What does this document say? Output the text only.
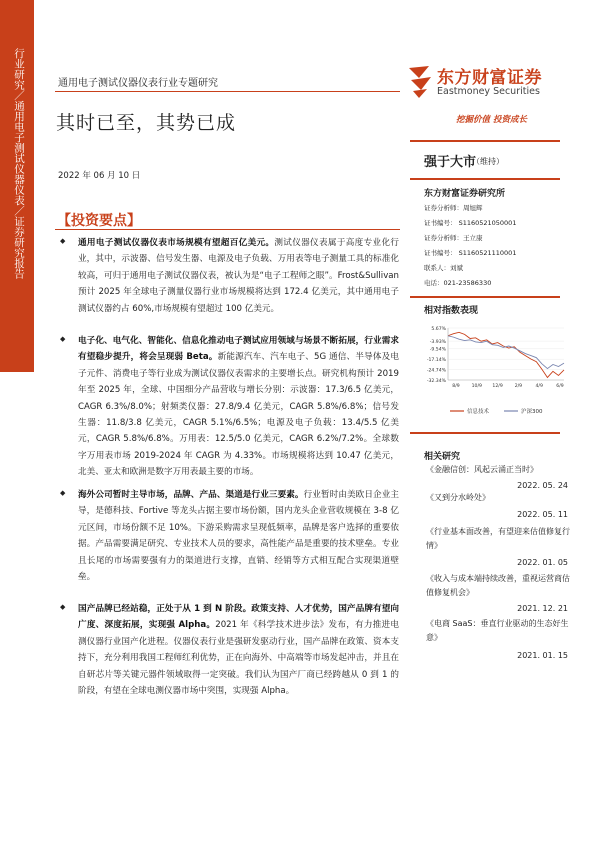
行业研究／通用电子测试仪器仪表／证券研究报告	通用电子测试仪器仪表行业专题研究
其时已至，其势已成
2022 年 06 月 10 日
东方财富证券
Eastmoney Securities
挖掘价值 投资成长
强于大市
（维持）
东方财富证券研究所
证券分析师：周旭辉
证书编号： S1160521050001
证券分析师：王立康
证书编号： S1160521110001
联系人：刘斌
电话：021-23586330
相对指数表现
5.67%
-3.93%
-9.54%
-17.14%
-24.74%
-32.34%
8/9	10/9 12/9	2/9	4/9	6/9
信息技术	沪深300
相关研究
《金融信创：风起云涌正当时》
2022. 05. 24
《又到分水岭处》
2022. 05. 11
《行业基本面改善，有望迎来估值修复行情》
2022. 01. 05
《收入与成本端持续改善，重视运营商估值修复机会》
2021. 12. 21
《电商 SaaS：垂直行业驱动的生态好生意》
2021. 01. 15
【投资要点】
◆ 通用电子测试仪器仪表市场规模有望超百亿美元。测试仪器仪表属于高度专业化行业，其中，示波器、信号发生器、电源及电子负载、万用表等电子测量工具的标准化较高，可归于通用电子测试仪器仪表，被认为是“电子工程师之眼”。Frost&Sullivan 预计 2025 年全球电子测量仪器行业市场规模将达到 172.4 亿美元，其中通用电子测试仪器约占 60%,市场规模有望超过 100 亿美元。

◆ 电子化、电气化、智能化、信息化推动电子测试应用领域与场景不断拓展，行业需求有望稳步提升，将会呈现弱 Beta。新能源汽车、汽车电子、5G 通信、半导体及电子元件、消费电子等行业成为测试仪器仪表需求的主要增长点。研究机构预计 2019 年至 2025 年，全球、中国细分产品营收与增长分别：示波器：17.3/6.5 亿美元，CAGR 6.3%/8.0%；射频类仪器：27.8/9.4 亿美元，CAGR 5.8%/6.8%；信号发生器：11.8/3.8 亿美元，CAGR 5.1%/6.5%；电源及电子负载：13.4/5.5 亿美元，CAGR 5.8%/6.8%。万用表：12.5/5.0 亿美元，CAGR 6.2%/7.2%。全球数字万用表市场 2019-2024 年 CAGR 为 4.33%。市场规模将达到 10.47 亿美元，北美、亚太和欧洲是数字万用表最主要的市场。

◆ 海外公司暂时主导市场，品牌、产品、渠道是行业三要素。行业暂时由美欧日企业主导，是德科技、Fortive 等龙头占据主要市场份额，国内龙头企业营收规模在 3-8 亿元区间，市场份额不足 10%。下游采购需求呈现低频率，品牌是客户选择的重要依据。产品需要满足研究、专业技术人员的要求，高性能产品是重要的技术壁垒。专业且长尾的市场需要强有力的渠道进行支撑，直销、经销等方式相互配合实现渠道壁垒。

◆ 国产品牌已经站稳，正处于从 1 到 N 阶段。政策支持、人才优势，国产品牌有望向广度、深度拓展，实现强 Alpha。2021 年《科学技术进步法》发布，有力推进电测仪器行业国产化进程。仪器仪表行业是强研发驱动行业，国产品牌在政策、资本支持下，充分利用我国工程师红利优势，正在向海外、中高端等市场发起冲击，并且在自研芯片等关键元器件领域取得一定突破。我们认为国产厂商已经跨越从 0 到 1 的阶段，有望在全球电测仪器市场中突围，实现强 Alpha。
